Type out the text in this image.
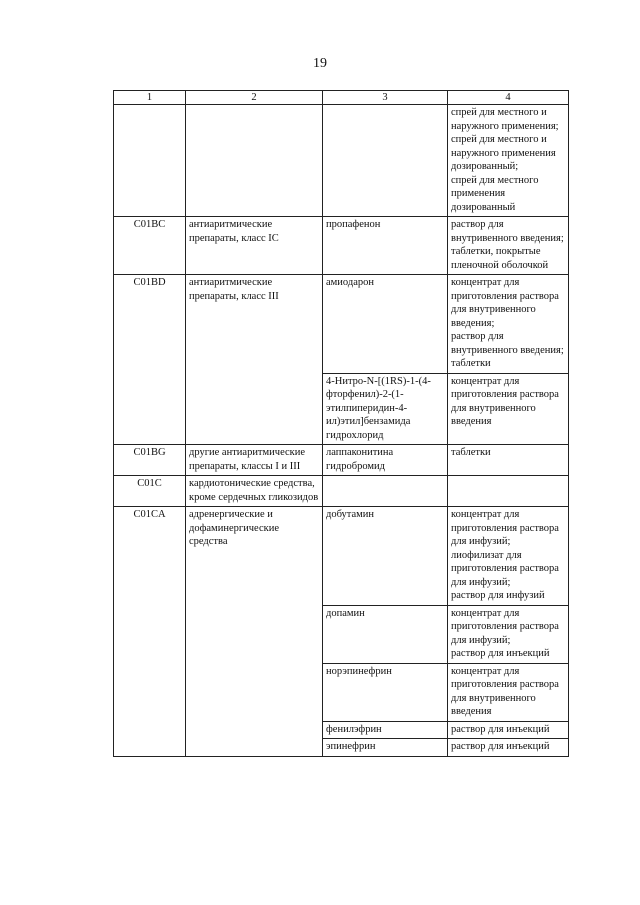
19
1	2	3	4
			спрей для местного и наружного применения;
спрей для местного и наружного применения дозированный;
спрей для местного применения дозированный
C01BC	антиаритмические препараты, класс IC	пропафенон	раствор для внутривенного введения;
таблетки, покрытые пленочной оболочкой
C01BD	антиаритмические препараты, класс III	амиодарон	концентрат для приготовления раствора для внутривенного введения;
раствор для внутривенного введения;
таблетки
		4-Нитро-N-[(1RS)-1-(4-фторфенил)-2-(1-этилпиперидин-4-ил)этил]бензамида гидрохлорид	концентрат для приготовления раствора для внутривенного введения
C01BG	другие антиаритмические препараты, классы I и III	лаппаконитина гидробромид	таблетки
C01C	кардиотонические средства, кроме сердечных гликозидов		
C01CA	адренергические и дофаминергические средства	добутамин	концентрат для приготовления раствора для инфузий;
лиофилизат для приготовления раствора для инфузий;
раствор для инфузий
		допамин	концентрат для приготовления раствора для инфузий;
раствор для инъекций
		норэпинефрин	концентрат для приготовления раствора для внутривенного введения
		фенилэфрин	раствор для инъекций
		эпинефрин	раствор для инъекций
